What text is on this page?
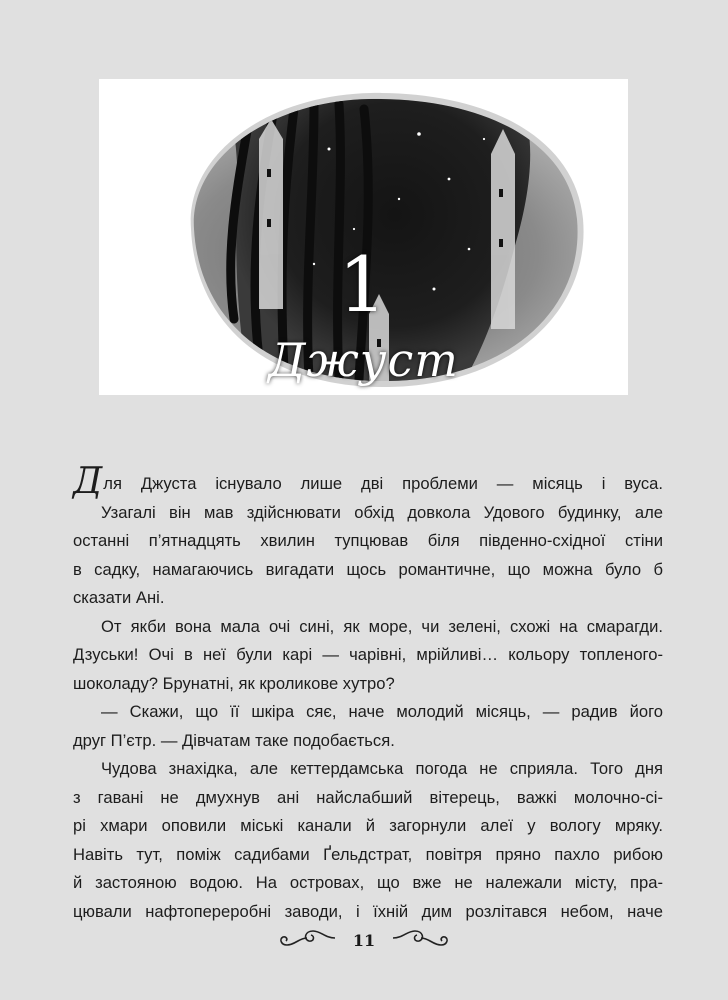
1
Джуст
Для Джуста існувало лише дві проблеми — місяць і вуса.
Узагалі він мав здійснювати обхід довкола Удового будинку, але
останні п’ятнадцять хвилин тупцював біля південно-східної стіни
в садку, намагаючись вигадати щось романтичне, що можна було б
сказати Ані.
От якби вона мала очі сині, як море, чи зелені, схожі на смарагди.
Дзуськи! Очі в неї були карі — чарівні, мрійливі… кольору топленого-
шоколаду? Брунатні, як кроликове хутро?
— Скажи, що її шкіра сяє, наче молодий місяць, — радив його
друг П’єтр. — Дівчатам таке подобається.
Чудова знахідка, але кеттердамська погода не сприяла. Того дня
з гавані не дмухнув ані найслабший вітерець, важкі молочно-сі-
рі хмари оповили міські канали й загорнули алеї у вологу мряку.
Навіть тут, поміж садибами Ґельдстрат, повітря пряно пахло рибою
й застояною водою. На островах, що вже не належали місту, пра-
цювали нафтопереробні заводи, і їхній дим розлітався небом, наче
11
